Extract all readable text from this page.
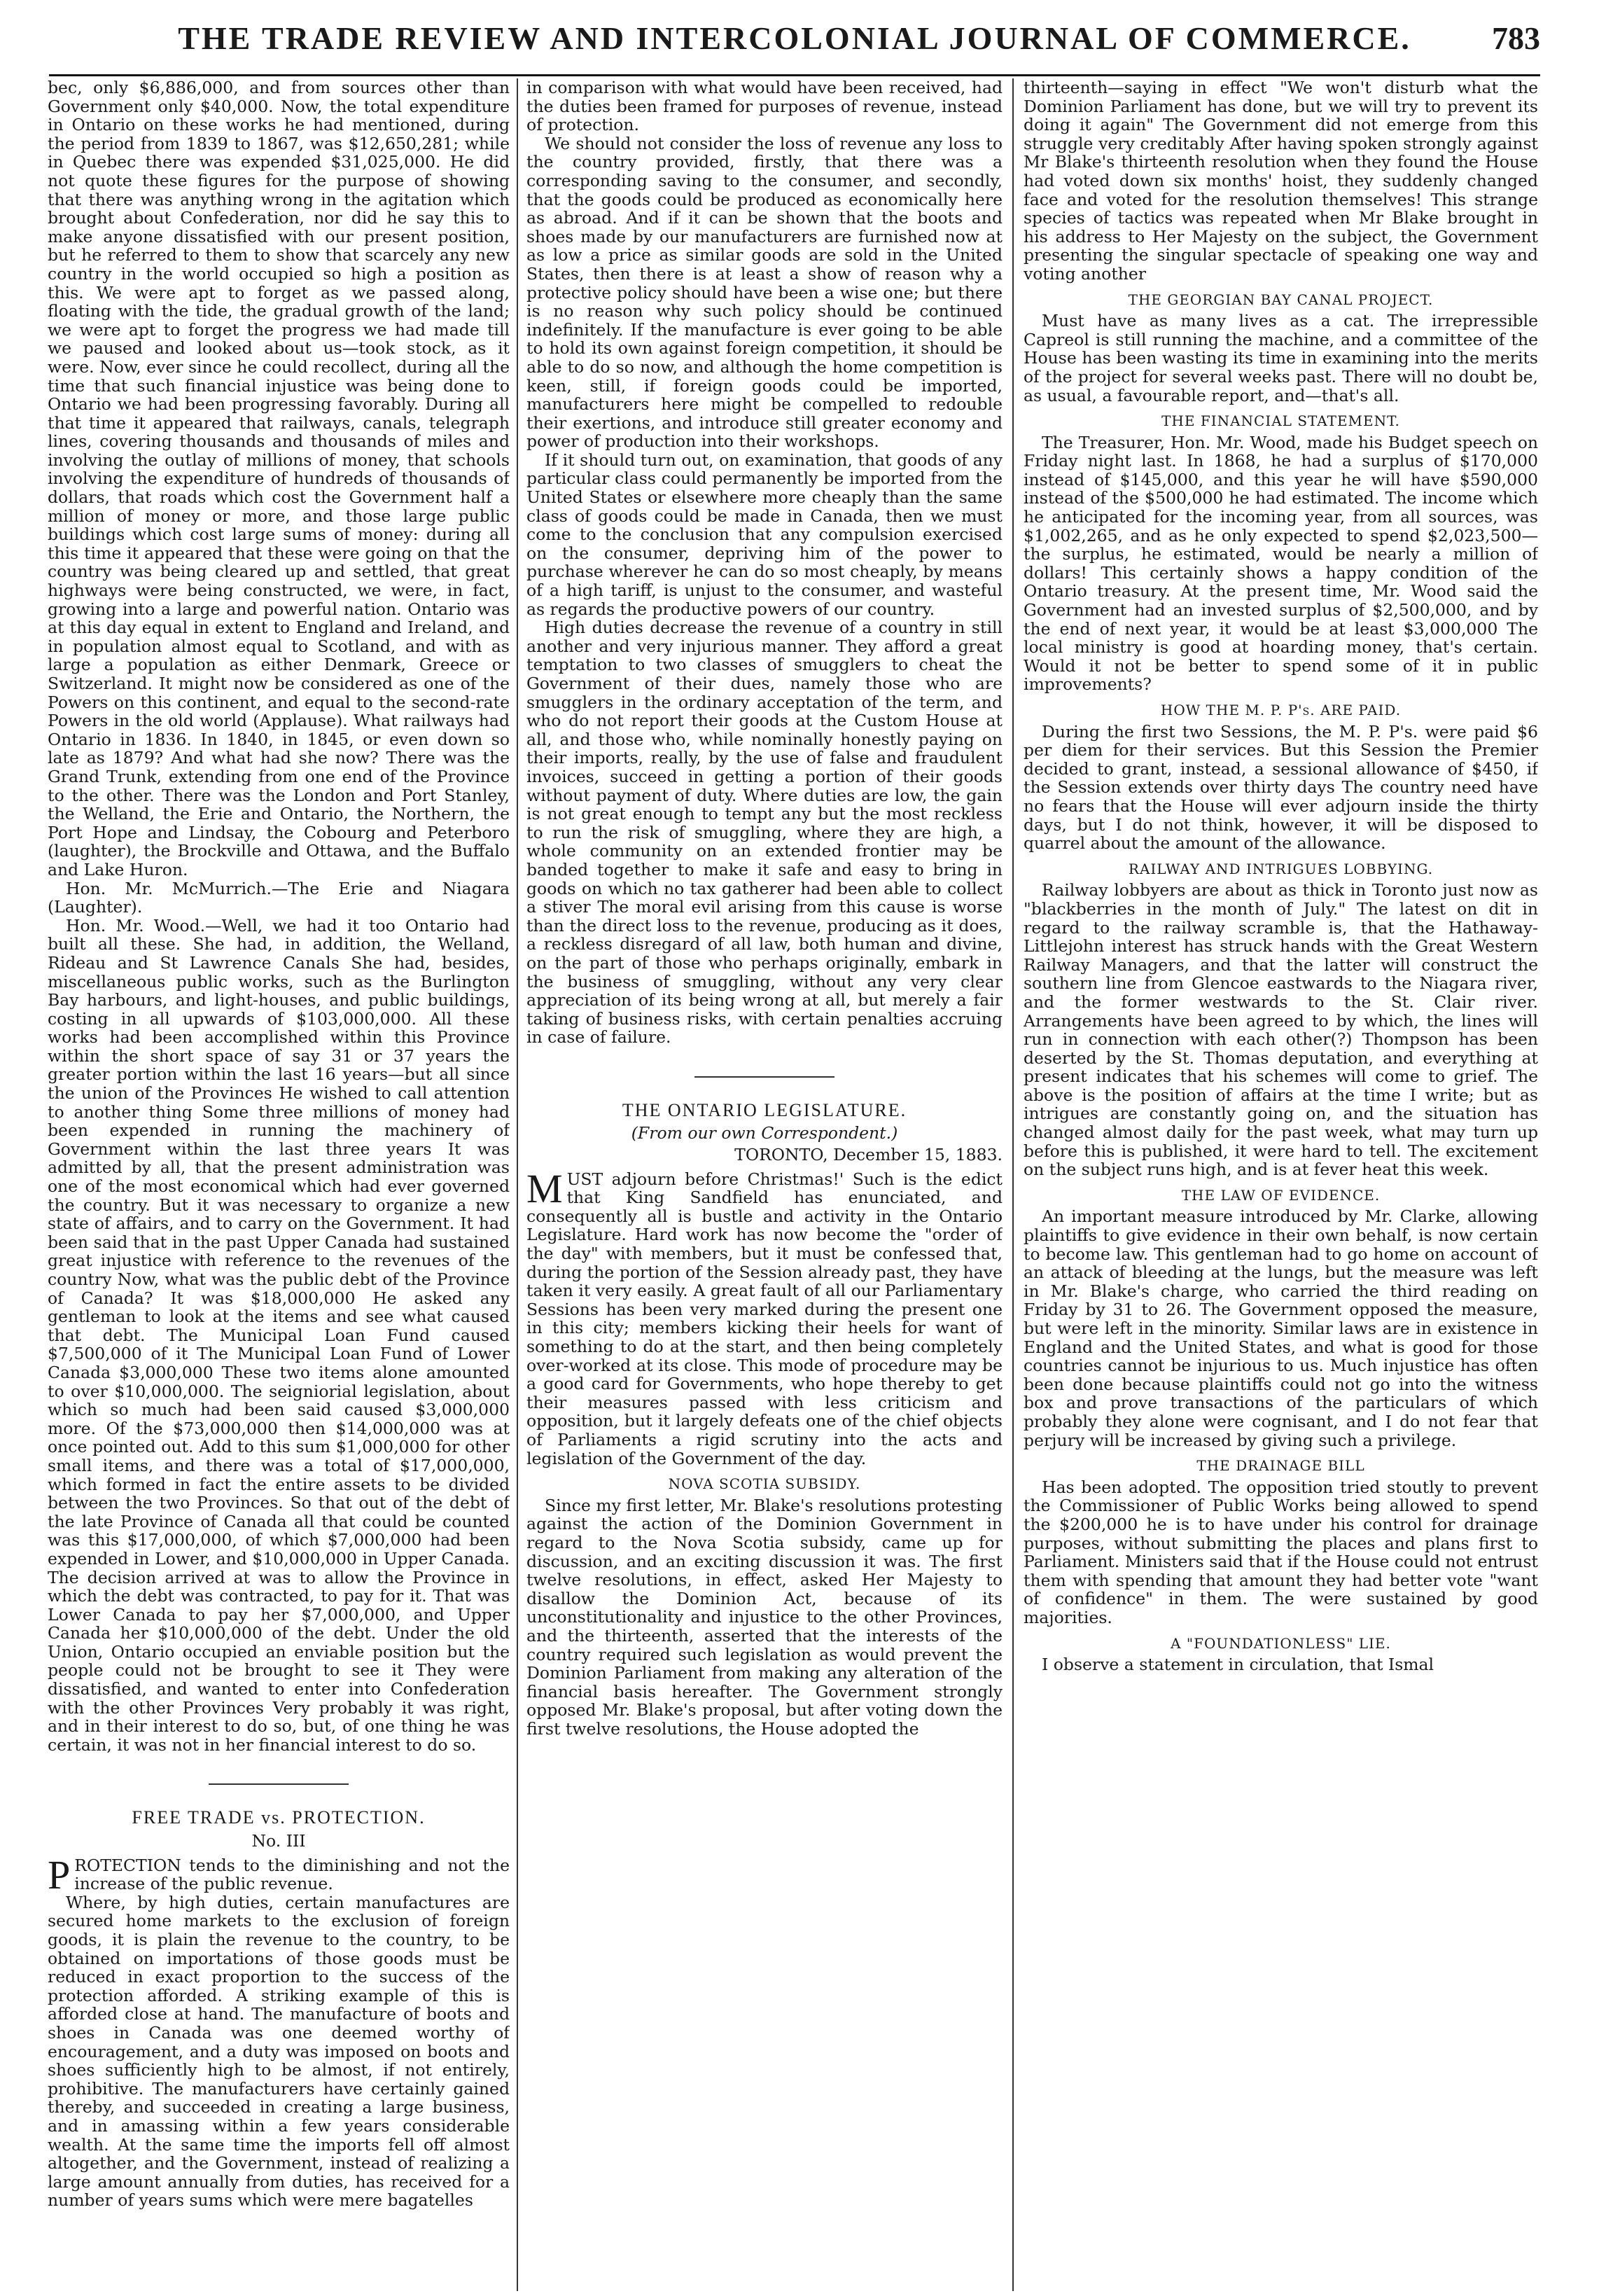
THE TRADE REVIEW AND INTERCOLONIAL JOURNAL OF COMMERCE.	783

bec, only $6,886,000, and from sources other than Government only $40,000. Now, the total expenditure in Ontario on these works he had mentioned, during the period from 1839 to 1867, was $12,650,281; while in Quebec there was expended $31,025,000. He did not quote these figures for the purpose of showing that there was anything wrong in the agitation which brought about Confederation, nor did he say this to make anyone dissatisfied with our present position, but he referred to them to show that scarcely any new country in the world occupied so high a position as this. We were apt to forget as we passed along, floating with the tide, the gradual growth of the land; we were apt to forget the progress we had made till we paused and looked about us—took stock, as it were. Now, ever since he could recollect, during all the time that such financial injustice was being done to Ontario we had been progressing favorably. During all that time it appeared that railways, canals, telegraph lines, covering thousands and thousands of miles and involving the outlay of millions of money, that schools involving the expenditure of hundreds of thousands of dollars, that roads which cost the Government half a million of money or more, and those large public buildings which cost large sums of money: during all this time it appeared that these were going on that the country was being cleared up and settled, that great highways were being constructed, we were, in fact, growing into a large and powerful nation. Ontario was at this day equal in extent to England and Ireland, and in population almost equal to Scotland, and with as large a population as either Denmark, Greece or Switzerland. It might now be considered as one of the Powers on this continent, and equal to the second-rate Powers in the old world (Applause). What railways had Ontario in 1836. In 1840, in 1845, or even down so late as 1879? And what had she now? There was the Grand Trunk, extending from one end of the Province to the other. There was the London and Port Stanley, the Welland, the Erie and Ontario, the Northern, the Port Hope and Lindsay, the Cobourg and Peterboro (laughter), the Brockville and Ottawa, and the Buffalo and Lake Huron.

Hon. Mr. McMurrich.—The Erie and Niagara (Laughter).

Hon. Mr. Wood.—Well, we had it too Ontario had built all these. She had, in addition, the Welland, Rideau and St Lawrence Canals She had, besides, miscellaneous public works, such as the Burlington Bay harbours, and light-houses, and public buildings, costing in all upwards of $103,000,000. All these works had been accomplished within this Province within the short space of say 31 or 37 years the greater portion within the last 16 years—but all since the union of the Provinces He wished to call attention to another thing Some three millions of money had been expended in running the machinery of Government within the last three years It was admitted by all, that the present administration was one of the most economical which had ever governed the country. But it was necessary to organize a new state of affairs, and to carry on the Government. It had been said that in the past Upper Canada had sustained great injustice with reference to the revenues of the country Now, what was the public debt of the Province of Canada? It was $18,000,000 He asked any gentleman to look at the items and see what caused that debt. The Municipal Loan Fund caused $7,500,000 of it The Municipal Loan Fund of Lower Canada $3,000,000 These two items alone amounted to over $10,000,000. The seigniorial legislation, about which so much had been said caused $3,000,000 more. Of the $73,000,000 then $14,000,000 was at once pointed out. Add to this sum $1,000,000 for other small items, and there was a total of $17,000,000, which formed in fact the entire assets to be divided between the two Provinces. So that out of the debt of the late Province of Canada all that could be counted was this $17,000,000, of which $7,000,000 had been expended in Lower, and $10,000,000 in Upper Canada. The decision arrived at was to allow the Province in which the debt was contracted, to pay for it. That was Lower Canada to pay her $7,000,000, and Upper Canada her $10,000,000 of the debt. Under the old Union, Ontario occupied an enviable position but the people could not be brought to see it They were dissatisfied, and wanted to enter into Confederation with the other Provinces Very probably it was right, and in their interest to do so, but, of one thing he was certain, it was not in her financial interest to do so.

FREE TRADE vs. PROTECTION.
No. III

PROTECTION tends to the diminishing and not the increase of the public revenue.

Where, by high duties, certain manufactures are secured home markets to the exclusion of foreign goods, it is plain the revenue to the country, to be obtained on importations of those goods must be reduced in exact proportion to the success of the protection afforded. A striking example of this is afforded close at hand. The manufacture of boots and shoes in Canada was one deemed worthy of encouragement, and a duty was imposed on boots and shoes sufficiently high to be almost, if not entirely, prohibitive. The manufacturers have certainly gained thereby, and succeeded in creating a large business, and in amassing within a few years considerable wealth. At the same time the imports fell off almost altogether, and the Government, instead of realizing a large amount annually from duties, has received for a number of years sums which were mere bagatelles

in comparison with what would have been received, had the duties been framed for purposes of revenue, instead of protection.

We should not consider the loss of revenue any loss to the country provided, firstly, that there was a corresponding saving to the consumer, and secondly, that the goods could be produced as economically here as abroad. And if it can be shown that the boots and shoes made by our manufacturers are furnished now at as low a price as similar goods are sold in the United States, then there is at least a show of reason why a protective policy should have been a wise one; but there is no reason why such policy should be continued indefinitely. If the manufacture is ever going to be able to hold its own against foreign competition, it should be able to do so now, and although the home competition is keen, still, if foreign goods could be imported, manufacturers here might be compelled to redouble their exertions, and introduce still greater economy and power of production into their workshops.

If it should turn out, on examination, that goods of any particular class could permanently be imported from the United States or elsewhere more cheaply than the same class of goods could be made in Canada, then we must come to the conclusion that any compulsion exercised on the consumer, depriving him of the power to purchase wherever he can do so most cheaply, by means of a high tariff, is unjust to the consumer, and wasteful as regards the productive powers of our country.

High duties decrease the revenue of a country in still another and very injurious manner. They afford a great temptation to two classes of smugglers to cheat the Government of their dues, namely those who are smugglers in the ordinary acceptation of the term, and who do not report their goods at the Custom House at all, and those who, while nominally honestly paying on their imports, really, by the use of false and fraudulent invoices, succeed in getting a portion of their goods without payment of duty. Where duties are low, the gain is not great enough to tempt any but the most reckless to run the risk of smuggling, where they are high, a whole community on an extended frontier may be banded together to make it safe and easy to bring in goods on which no tax gatherer had been able to collect a stiver The moral evil arising from this cause is worse than the direct loss to the revenue, producing as it does, a reckless disregard of all law, both human and divine, on the part of those who perhaps originally, embark in the business of smuggling, without any very clear appreciation of its being wrong at all, but merely a fair taking of business risks, with certain penalties accruing in case of failure.

THE ONTARIO LEGISLATURE.
(From our own Correspondent.)
TORONTO, December 15, 1883.

MUST adjourn before Christmas!' Such is the edict that King Sandfield has enunciated, and consequently all is bustle and activity in the Ontario Legislature. Hard work has now become the "order of the day" with members, but it must be confessed that, during the portion of the Session already past, they have taken it very easily. A great fault of all our Parliamentary Sessions has been very marked during the present one in this city; members kicking their heels for want of something to do at the start, and then being completely over-worked at its close. This mode of procedure may be a good card for Governments, who hope thereby to get their measures passed with less criticism and opposition, but it largely defeats one of the chief objects of Parliaments a rigid scrutiny into the acts and legislation of the Government of the day.

NOVA SCOTIA SUBSIDY.

Since my first letter, Mr. Blake's resolutions protesting against the action of the Dominion Government in regard to the Nova Scotia subsidy, came up for discussion, and an exciting discussion it was. The first twelve resolutions, in effect, asked Her Majesty to disallow the Dominion Act, because of its unconstitutionality and injustice to the other Provinces, and the thirteenth, asserted that the interests of the country required such legislation as would prevent the Dominion Parliament from making any alteration of the financial basis hereafter. The Government strongly opposed Mr. Blake's proposal, but after voting down the first twelve resolutions, the House adopted the

thirteenth—saying in effect "We won't disturb what the Dominion Parliament has done, but we will try to prevent its doing it again" The Government did not emerge from this struggle very creditably After having spoken strongly against Mr Blake's thirteenth resolution when they found the House had voted down six months' hoist, they suddenly changed face and voted for the resolution themselves! This strange species of tactics was repeated when Mr Blake brought in his address to Her Majesty on the subject, the Government presenting the singular spectacle of speaking one way and voting another

THE GEORGIAN BAY CANAL PROJECT.

Must have as many lives as a cat. The irrepressible Capreol is still running the machine, and a committee of the House has been wasting its time in examining into the merits of the project for several weeks past. There will no doubt be, as usual, a favourable report, and—that's all.

THE FINANCIAL STATEMENT.

The Treasurer, Hon. Mr. Wood, made his Budget speech on Friday night last. In 1868, he had a surplus of $170,000 instead of $145,000, and this year he will have $590,000 instead of the $500,000 he had estimated. The income which he anticipated for the incoming year, from all sources, was $1,002,265, and as he only expected to spend $2,023,500—the surplus, he estimated, would be nearly a million of dollars! This certainly shows a happy condition of the Ontario treasury. At the present time, Mr. Wood said the Government had an invested surplus of $2,500,000, and by the end of next year, it would be at least $3,000,000 The local ministry is good at hoarding money, that's certain. Would it not be better to spend some of it in public improvements?

HOW THE M. P. P's. ARE PAID.

During the first two Sessions, the M. P. P's. were paid $6 per diem for their services. But this Session the Premier decided to grant, instead, a sessional allowance of $450, if the Session extends over thirty days The country need have no fears that the House will ever adjourn inside the thirty days, but I do not think, however, it will be disposed to quarrel about the amount of the allowance.

RAILWAY AND INTRIGUES LOBBYING.

Railway lobbyers are about as thick in Toronto just now as "blackberries in the month of July." The latest on dit in regard to the railway scramble is, that the Hathaway-Littlejohn interest has struck hands with the Great Western Railway Managers, and that the latter will construct the southern line from Glencoe eastwards to the Niagara river, and the former westwards to the St. Clair river. Arrangements have been agreed to by which, the lines will run in connection with each other(?) Thompson has been deserted by the St. Thomas deputation, and everything at present indicates that his schemes will come to grief. The above is the position of affairs at the time I write; but as intrigues are constantly going on, and the situation has changed almost daily for the past week, what may turn up before this is published, it were hard to tell. The excitement on the subject runs high, and is at fever heat this week.

THE LAW OF EVIDENCE.

An important measure introduced by Mr. Clarke, allowing plaintiffs to give evidence in their own behalf, is now certain to become law. This gentleman had to go home on account of an attack of bleeding at the lungs, but the measure was left in Mr. Blake's charge, who carried the third reading on Friday by 31 to 26. The Government opposed the measure, but were left in the minority. Similar laws are in existence in England and the United States, and what is good for those countries cannot be injurious to us. Much injustice has often been done because plaintiffs could not go into the witness box and prove transactions of the particulars of which probably they alone were cognisant, and I do not fear that perjury will be increased by giving such a privilege.

THE DRAINAGE BILL

Has been adopted. The opposition tried stoutly to prevent the Commissioner of Public Works being allowed to spend the $200,000 he is to have under his control for drainage purposes, without submitting the places and plans first to Parliament. Ministers said that if the House could not entrust them with spending that amount they had better vote "want of confidence" in them. The were sustained by good majorities.

A "FOUNDATIONLESS" LIE.

I observe a statement in circulation, that Ismal
